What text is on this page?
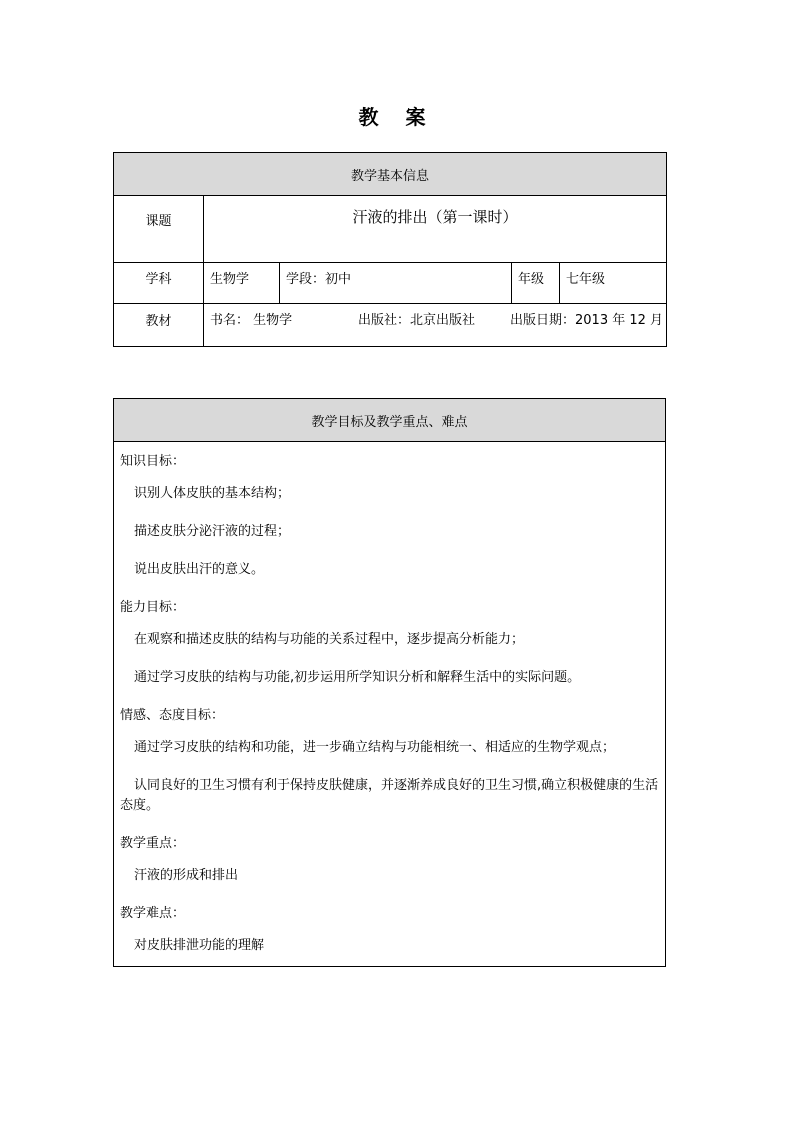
教 案
教学基本信息				
课题	汗液的排出（第一课时）			
学科	生物学	学段：初中	年级	七年级
教材	书名： 生物学 出版社：北京出版社 出版日期：2013 年 12 月			
教学目标及教学重点、难点

知识目标：

识别人体皮肤的基本结构；

描述皮肤分泌汗液的过程；

说出皮肤出汗的意义。

能力目标：

在观察和描述皮肤的结构与功能的关系过程中，逐步提高分析能力；

通过学习皮肤的结构与功能,初步运用所学知识分析和解释生活中的实际问题。

情感、态度目标：

通过学习皮肤的结构和功能，进一步确立结构与功能相统一、相适应的生物学观点；

认同良好的卫生习惯有利于保持皮肤健康，并逐渐养成良好的卫生习惯,确立积极健康的生活态度。

教学重点：

汗液的形成和排出

教学难点：

对皮肤排泄功能的理解
